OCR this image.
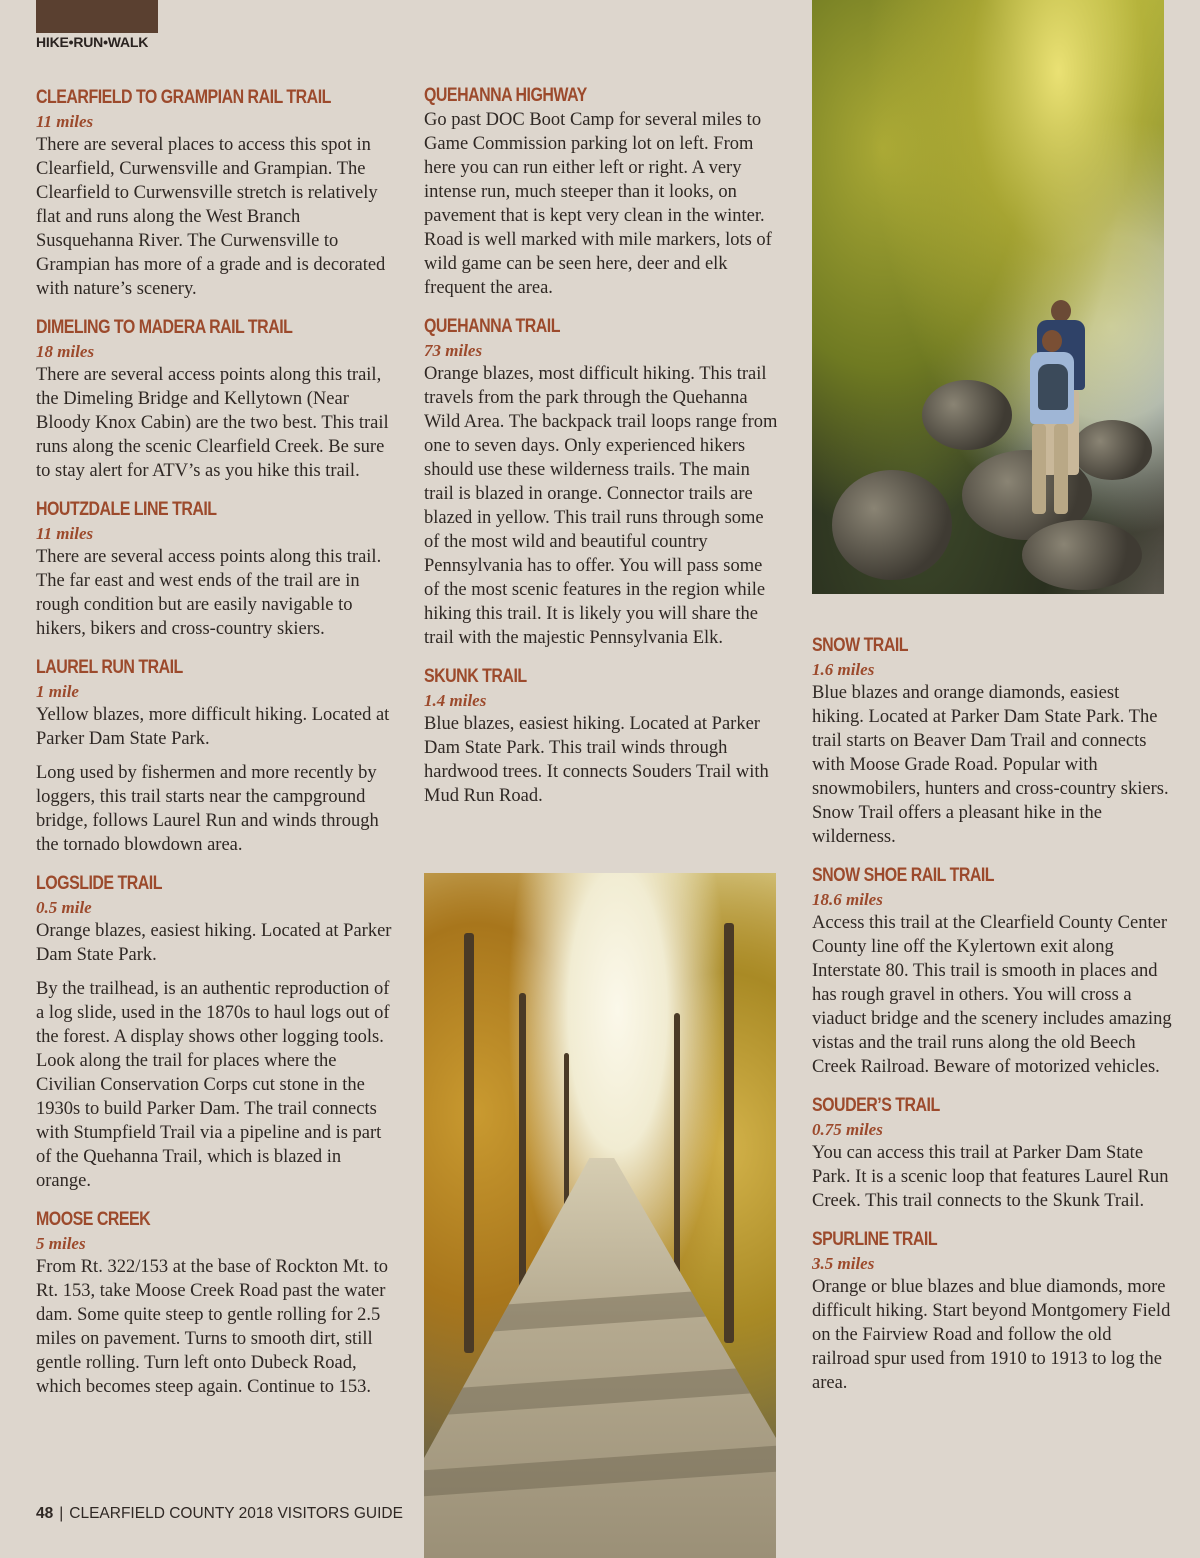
HIKE•RUN•WALK
CLEARFIELD TO GRAMPIAN RAIL TRAIL
11 miles

There are several places to access this spot in Clearfield, Curwensville and Grampian. The Clearfield to Curwensville stretch is relatively flat and runs along the West Branch Susquehanna River. The Curwensville to Grampian has more of a grade and is decorated with nature’s scenery.

DIMELING TO MADERA RAIL TRAIL
18 miles

There are several access points along this trail, the Dimeling Bridge and Kellytown (Near Bloody Knox Cabin) are the two best. This trail runs along the scenic Clearfield Creek. Be sure to stay alert for ATV’s as you hike this trail.

HOUTZDALE LINE TRAIL
11 miles

There are several access points along this trail. The far east and west ends of the trail are in rough condition but are easily navigable to hikers, bikers and cross-country skiers.

LAUREL RUN TRAIL
1 mile

Yellow blazes, more difficult hiking. Located at Parker Dam State Park.

Long used by fishermen and more recently by loggers, this trail starts near the campground bridge, follows Laurel Run and winds through the tornado blowdown area.

LOGSLIDE TRAIL
0.5 mile

Orange blazes, easiest hiking. Located at Parker Dam State Park.

By the trailhead, is an authentic reproduction of a log slide, used in the 1870s to haul logs out of the forest. A display shows other logging tools. Look along the trail for places where the Civilian Conservation Corps cut stone in the 1930s to build Parker Dam. The trail connects with Stumpfield Trail via a pipeline and is part of the Quehanna Trail, which is blazed in orange.

MOOSE CREEK
5 miles

From Rt. 322/153 at the base of Rockton Mt. to Rt. 153, take Moose Creek Road past the water dam. Some quite steep to gentle rolling for 2.5 miles on pavement. Turns to smooth dirt, still gentle rolling. Turn left onto Dubeck Road, which becomes steep again. Continue to 153.

QUEHANNA HIGHWAY

Go past DOC Boot Camp for several miles to Game Commission parking lot on left. From here you can run either left or right. A very intense run, much steeper than it looks, on pavement that is kept very clean in the winter. Road is well marked with mile markers, lots of wild game can be seen here, deer and elk frequent the area.

QUEHANNA TRAIL
73 miles

Orange blazes, most difficult hiking. This trail travels from the park through the Quehanna Wild Area. The backpack trail loops range from one to seven days. Only experienced hikers should use these wilderness trails. The main trail is blazed in orange. Connector trails are blazed in yellow. This trail runs through some of the most wild and beautiful country Pennsylvania has to offer. You will pass some of the most scenic features in the region while hiking this trail. It is likely you will share the trail with the majestic Pennsylvania Elk.

SKUNK TRAIL
1.4 miles

Blue blazes, easiest hiking. Located at Parker Dam State Park. This trail winds through hardwood trees. It connects Souders Trail with Mud Run Road.

SNOW TRAIL
1.6 miles

Blue blazes and orange diamonds, easiest hiking. Located at Parker Dam State Park. The trail starts on Beaver Dam Trail and connects with Moose Grade Road. Popular with snowmobilers, hunters and cross-country skiers. Snow Trail offers a pleasant hike in the wilderness.

SNOW SHOE RAIL TRAIL
18.6 miles

Access this trail at the Clearfield County Center County line off the Kylertown exit along Interstate 80. This trail is smooth in places and has rough gravel in others. You will cross a viaduct bridge and the scenery includes amazing vistas and the trail runs along the old Beech Creek Railroad. Beware of motorized vehicles.

SOUDER’S TRAIL
0.75 miles

You can access this trail at Parker Dam State Park. It is a scenic loop that features Laurel Run Creek. This trail connects to the Skunk Trail.

SPURLINE TRAIL
3.5 miles

Orange or blue blazes and blue diamonds, more difficult hiking. Start beyond Montgomery Field on the Fairview Road and follow the old railroad spur used from 1910 to 1913 to log the area.

48 | CLEARFIELD COUNTY 2018 VISITORS GUIDE
